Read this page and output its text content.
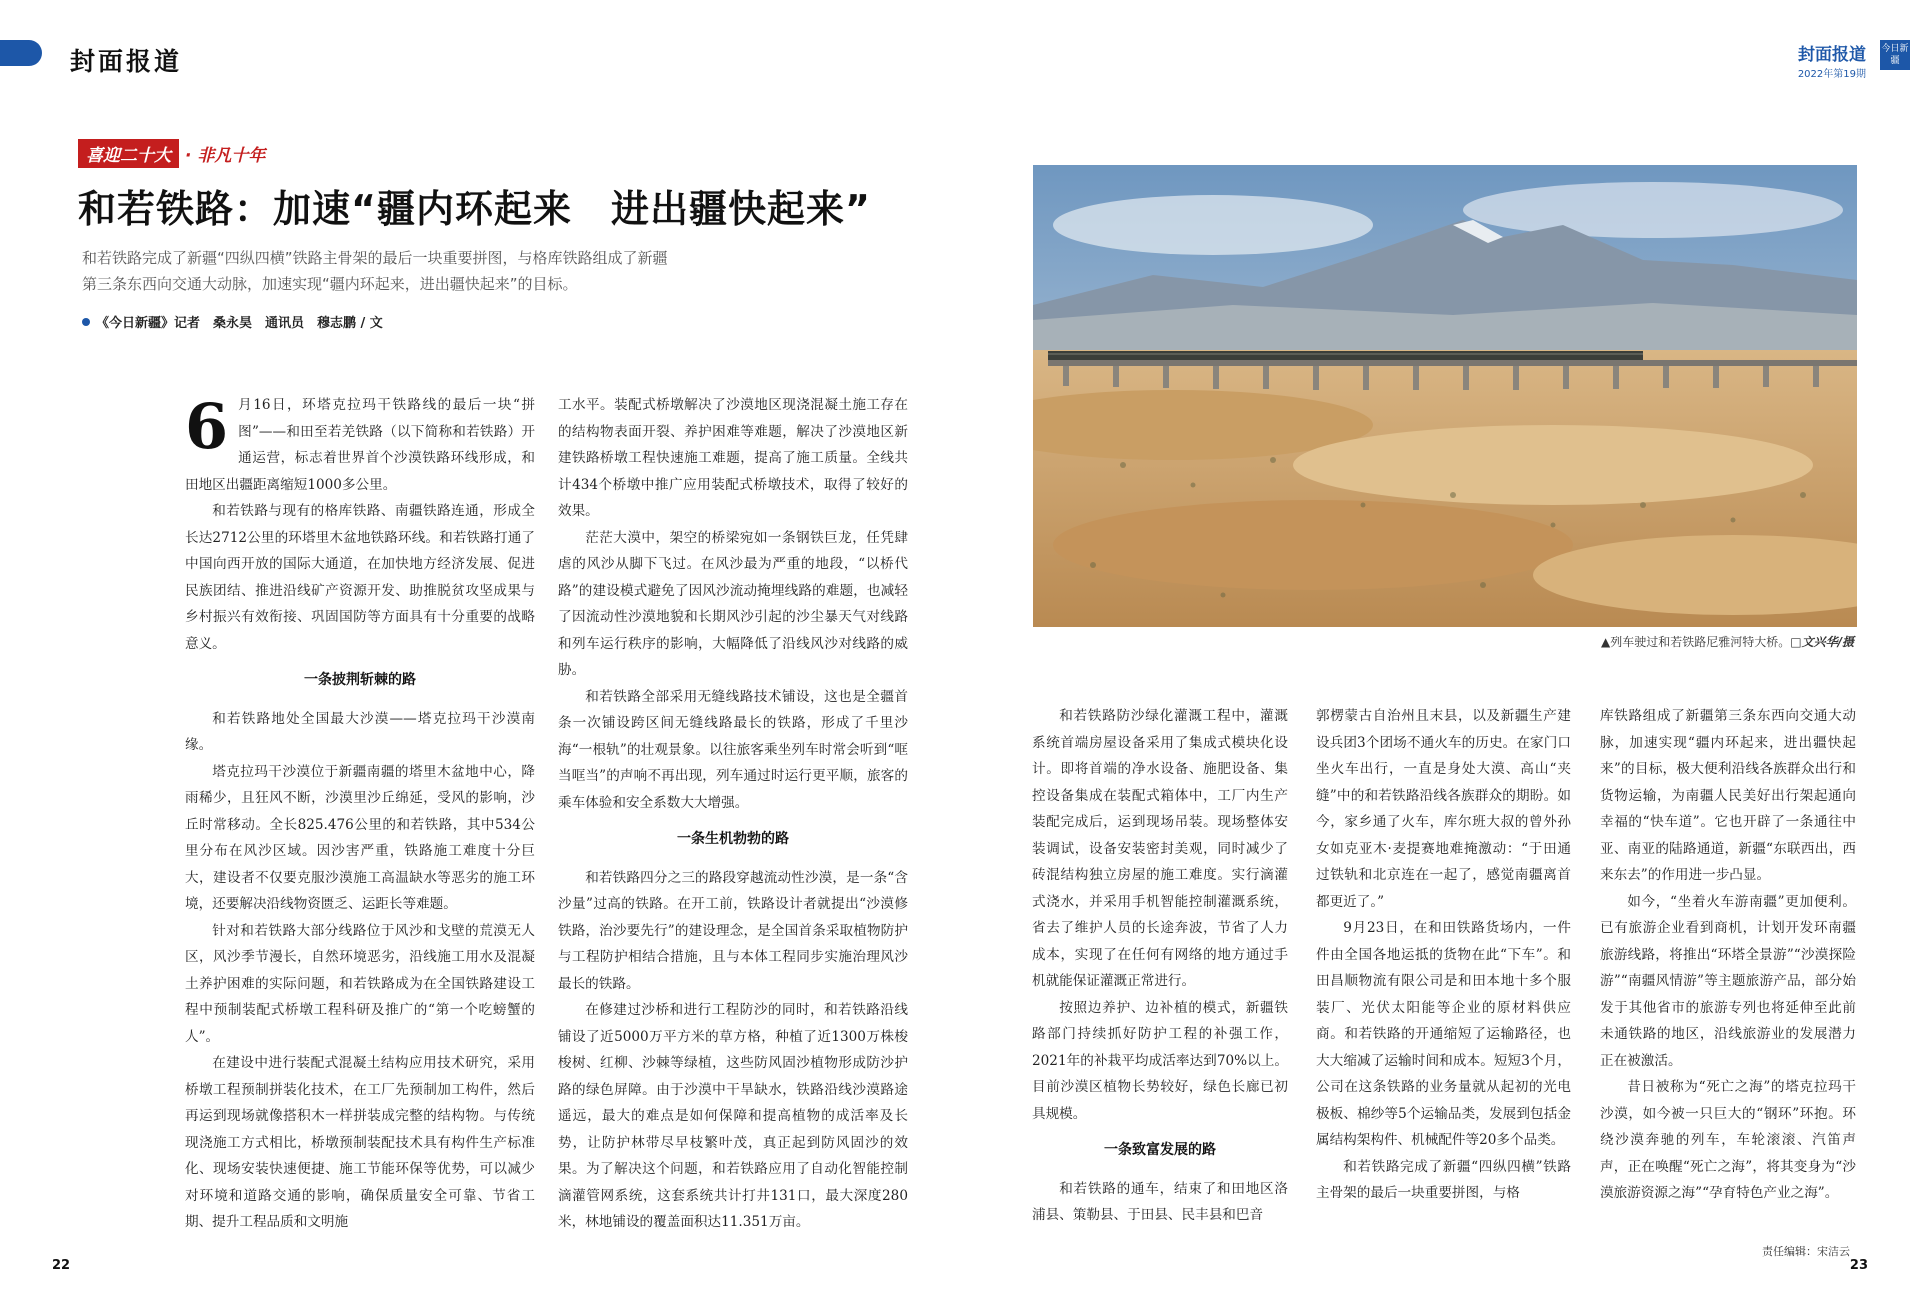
封面报道	封面报道
2022年第19期
今日新疆
喜迎二十大 · 非凡十年
和若铁路：加速“疆内环起来　进出疆快起来”
和若铁路完成了新疆“四纵四横”铁路主骨架的最后一块重要拼图，与格库铁路组成了新疆第三条东西向交通大动脉，加速实现“疆内环起来，进出疆快起来”的目标。
《今日新疆》记者　桑永昊　通讯员　穆志鹏 / 文

6 月16日，环塔克拉玛干铁路线的最后一块“拼图”——和田至若羌铁路（以下简称和若铁路）开通运营，标志着世界首个沙漠铁路环线形成，和田地区出疆距离缩短1000多公里。

和若铁路与现有的格库铁路、南疆铁路连通，形成全长达2712公里的环塔里木盆地铁路环线。和若铁路打通了中国向西开放的国际大通道，在加快地方经济发展、促进民族团结、推进沿线矿产资源开发、助推脱贫攻坚成果与乡村振兴有效衔接、巩固国防等方面具有十分重要的战略意义。

一条披荆斩棘的路

和若铁路地处全国最大沙漠——塔克拉玛干沙漠南缘。

塔克拉玛干沙漠位于新疆南疆的塔里木盆地中心，降雨稀少，且狂风不断，沙漠里沙丘绵延，受风的影响，沙丘时常移动。全长825.476公里的和若铁路，其中534公里分布在风沙区域。因沙害严重，铁路施工难度十分巨大，建设者不仅要克服沙漠施工高温缺水等恶劣的施工环境，还要解决沿线物资匮乏、运距长等难题。

针对和若铁路大部分线路位于风沙和戈壁的荒漠无人区，风沙季节漫长，自然环境恶劣，沿线施工用水及混凝土养护困难的实际问题，和若铁路成为在全国铁路建设工程中预制装配式桥墩工程科研及推广的“第一个吃螃蟹的人”。

在建设中进行装配式混凝土结构应用技术研究，采用桥墩工程预制拼装化技术，在工厂先预制加工构件，然后再运到现场就像搭积木一样拼装成完整的结构物。与传统现浇施工方式相比，桥墩预制装配技术具有构件生产标准化、现场安装快速便捷、施工节能环保等优势，可以减少对环境和道路交通的影响，确保质量安全可靠、节省工期、提升工程品质和文明施

工水平。装配式桥墩解决了沙漠地区现浇混凝土施工存在的结构物表面开裂、养护困难等难题，解决了沙漠地区新建铁路桥墩工程快速施工难题，提高了施工质量。全线共计434个桥墩中推广应用装配式桥墩技术，取得了较好的效果。

茫茫大漠中，架空的桥梁宛如一条钢铁巨龙，任凭肆虐的风沙从脚下飞过。在风沙最为严重的地段，“以桥代路”的建设模式避免了因风沙流动掩埋线路的难题，也减轻了因流动性沙漠地貌和长期风沙引起的沙尘暴天气对线路和列车运行秩序的影响，大幅降低了沿线风沙对线路的威胁。

和若铁路全部采用无缝线路技术铺设，这也是全疆首条一次铺设跨区间无缝线路最长的铁路，形成了千里沙海“一根轨”的壮观景象。以往旅客乘坐列车时常会听到“哐当哐当”的声响不再出现，列车通过时运行更平顺，旅客的乘车体验和安全系数大大增强。

一条生机勃勃的路

和若铁路四分之三的路段穿越流动性沙漠，是一条“含沙量”过高的铁路。在开工前，铁路设计者就提出“沙漠修铁路，治沙要先行”的建设理念，是全国首条采取植物防护与工程防护相结合措施，且与本体工程同步实施治理风沙最长的铁路。

在修建过沙桥和进行工程防沙的同时，和若铁路沿线铺设了近5000万平方米的草方格，种植了近1300万株梭梭树、红柳、沙棘等绿植，这些防风固沙植物形成防沙护路的绿色屏障。由于沙漠中干旱缺水，铁路沿线沙漠路途遥远，最大的难点是如何保障和提高植物的成活率及长势，让防护林带尽早枝繁叶茂，真正起到防风固沙的效果。为了解决这个问题，和若铁路应用了自动化智能控制滴灌管网系统，这套系统共计打井131口，最大深度280米，林地铺设的覆盖面积达11.351万亩。

▲列车驶过和若铁路尼雅河特大桥。□文兴华/摄

和若铁路防沙绿化灌溉工程中，灌溉系统首端房屋设备采用了集成式模块化设计。即将首端的净水设备、施肥设备、集控设备集成在装配式箱体中，工厂内生产装配完成后，运到现场吊装。现场整体安装调试，设备安装密封美观，同时减少了砖混结构独立房屋的施工难度。实行滴灌式浇水，并采用手机智能控制灌溉系统，省去了维护人员的长途奔波，节省了人力成本，实现了在任何有网络的地方通过手机就能保证灌溉正常进行。

按照边养护、边补植的模式，新疆铁路部门持续抓好防护工程的补强工作，2021年的补栽平均成活率达到70%以上。目前沙漠区植物长势较好，绿色长廊已初具规模。

一条致富发展的路

和若铁路的通车，结束了和田地区洛浦县、策勒县、于田县、民丰县和巴音

郭楞蒙古自治州且末县，以及新疆生产建设兵团3个团场不通火车的历史。在家门口坐火车出行，一直是身处大漠、高山“夹缝”中的和若铁路沿线各族群众的期盼。如今，家乡通了火车，库尔班大叔的曾外孙女如克亚木·麦提赛地难掩激动：“于田通过铁轨和北京连在一起了，感觉南疆离首都更近了。”

9月23日，在和田铁路货场内，一件件由全国各地运抵的货物在此“下车”。和田昌顺物流有限公司是和田本地十多个服装厂、光伏太阳能等企业的原材料供应商。和若铁路的开通缩短了运输路径，也大大缩减了运输时间和成本。短短3个月，公司在这条铁路的业务量就从起初的光电极板、棉纱等5个运输品类，发展到包括金属结构架构件、机械配件等20多个品类。

和若铁路完成了新疆“四纵四横”铁路主骨架的最后一块重要拼图，与格

库铁路组成了新疆第三条东西向交通大动脉，加速实现“疆内环起来，进出疆快起来”的目标，极大便利沿线各族群众出行和货物运输，为南疆人民美好出行架起通向幸福的“快车道”。它也开辟了一条通往中亚、南亚的陆路通道，新疆“东联西出，西来东去”的作用进一步凸显。

如今，“坐着火车游南疆”更加便利。已有旅游企业看到商机，计划开发环南疆旅游线路，将推出“环塔全景游”“沙漠探险游”“南疆风情游”等主题旅游产品，部分始发于其他省市的旅游专列也将延伸至此前未通铁路的地区，沿线旅游业的发展潜力正在被激活。

昔日被称为“死亡之海”的塔克拉玛干沙漠，如今被一只巨大的“钢环”环抱。环绕沙漠奔驰的列车，车轮滚滚、汽笛声声，正在唤醒“死亡之海”，将其变身为“沙漠旅游资源之海”“孕育特色产业之海”。

22	23
责任编辑：宋洁云
